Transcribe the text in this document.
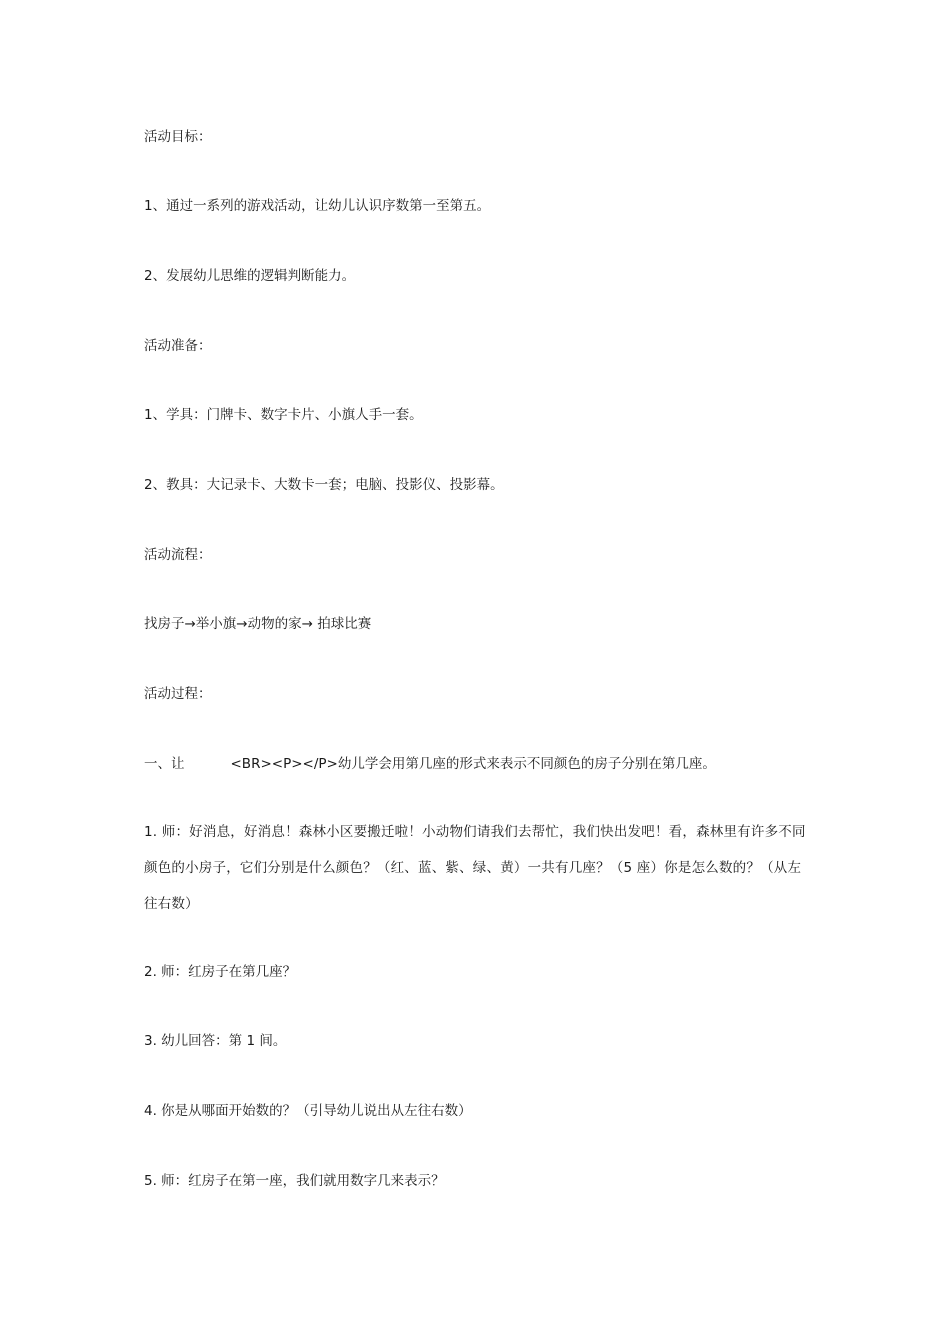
活动目标：
1、通过一系列的游戏活动，让幼儿认识序数第一至第五。
2、发展幼儿思维的逻辑判断能力。
活动准备：
1、学具：门牌卡、数字卡片、小旗人手一套。
2、教具：大记录卡、大数卡一套；电脑、投影仪、投影幕。
活动流程：
找房子→举小旗→动物的家→ 拍球比赛
活动过程：
一、让	<BR><P></P>幼儿学会用第几座的形式来表示不同颜色的房子分别在第几座。
1. 师：好消息，好消息！森林小区要搬迁啦！小动物们请我们去帮忙，我们快出发吧！看，森林里有许多不同颜色的小房子，它们分别是什么颜色？（红、蓝、紫、绿、黄）一共有几座？（5 座）你是怎么数的？（从左往右数）
2. 师：红房子在第几座？
3. 幼儿回答：第 1 间。
4. 你是从哪面开始数的？（引导幼儿说出从左往右数）
5. 师：红房子在第一座，我们就用数字几来表示？
